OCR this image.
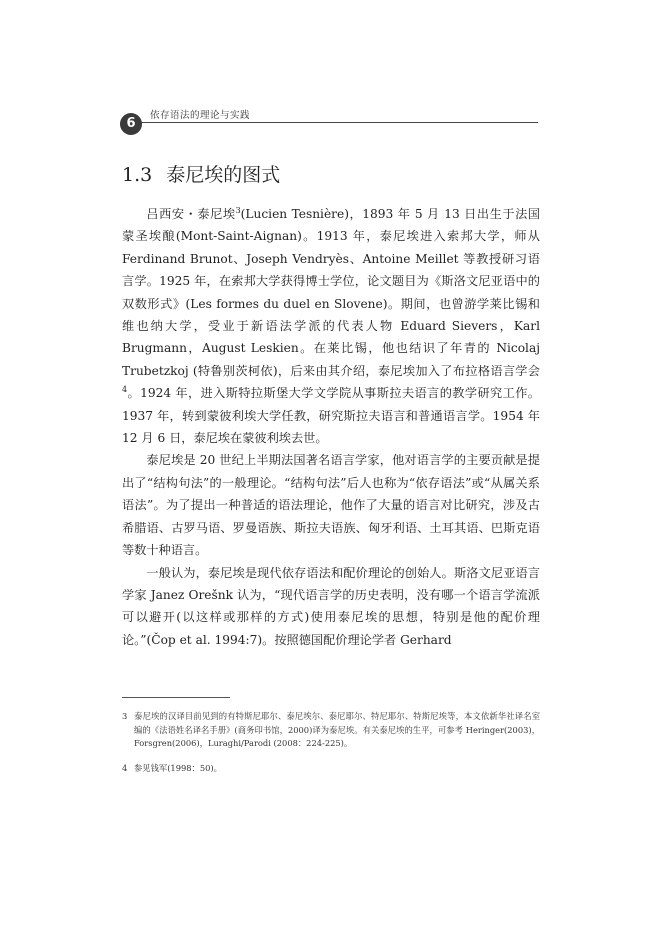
6
依存语法的理论与实践
1.3 泰尼埃的图式

吕西安・泰尼埃$^3$(Lucien Tesnière)，1893 年 5 月 13 日出生于法国蒙圣埃酿(Mont-Saint-Aignan)。1913 年，泰尼埃进入索邦大学，师从 Ferdinand Brunot、Joseph Vendryès、Antoine Meillet 等教授研习语言学。1925 年，在索邦大学获得博士学位，论文题目为《斯洛文尼亚语中的双数形式》(Les formes du duel en Slovene)。期间，也曾游学莱比锡和维也纳大学，受业于新语法学派的代表人物 Eduard Sievers，Karl Brugmann，August Leskien。在莱比锡，他也结识了年青的 Nicolaj Trubetzkoj (特鲁别茨柯依)，后来由其介绍，泰尼埃加入了布拉格语言学会$^4$。1924 年，进入斯特拉斯堡大学文学院从事斯拉夫语言的教学研究工作。1937 年，转到蒙彼利埃大学任教，研究斯拉夫语言和普通语言学。1954 年 12 月 6 日，泰尼埃在蒙彼利埃去世。

泰尼埃是 20 世纪上半期法国著名语言学家，他对语言学的主要贡献是提出了“结构句法”的一般理论。“结构句法”后人也称为“依存语法”或“从属关系语法”。为了提出一种普适的语法理论，他作了大量的语言对比研究，涉及古希腊语、古罗马语、罗曼语族、斯拉夫语族、匈牙利语、土耳其语、巴斯克语等数十种语言。

一般认为，泰尼埃是现代依存语法和配价理论的创始人。斯洛文尼亚语言学家 Janez Orešnk 认为，“现代语言学的历史表明，没有哪一个语言学流派可以避开(以这样或那样的方式)使用泰尼埃的思想，特别是他的配价理论。”(Čop et al. 1994:7)。按照德国配价理论学者 Gerhard

3 泰尼埃的汉译目前见到的有特斯尼耶尔、泰尼埃尔、泰尼耶尔、特尼耶尔、特斯尼埃等，本文依新华社译名室编的《法语姓名译名手册》(商务印书馆，2000)译为泰尼埃。有关泰尼埃的生平，可参考 Heringer(2003)，Forsgren(2006)，Luraghi/Parodi (2008：224-225)。

4 参见钱军(1998：50)。
